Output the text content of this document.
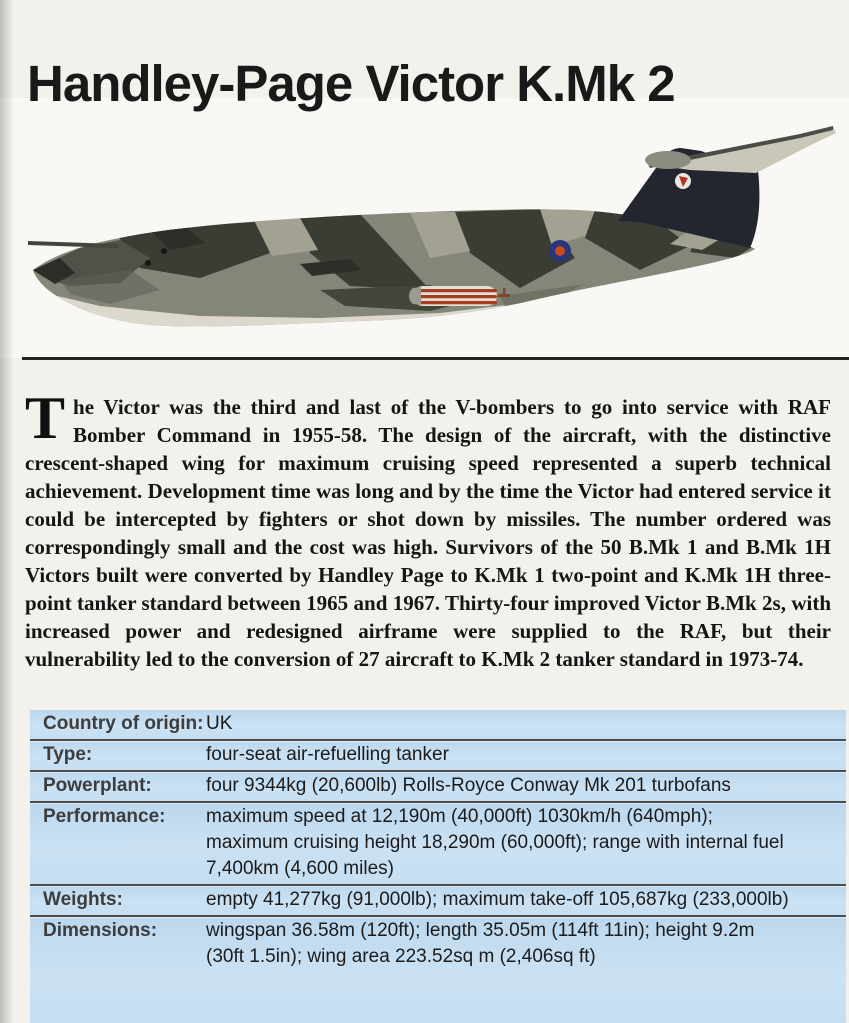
Handley-Page Victor K.Mk 2

The Victor was the third and last of the V-bombers to go into service with RAF Bomber Command in 1955-58. The design of the aircraft, with the distinctive crescent-shaped wing for maximum cruising speed represented a superb technical achievement. Development time was long and by the time the Victor had entered service it could be intercepted by fighters or shot down by missiles. The number ordered was correspondingly small and the cost was high. Survivors of the 50 B.Mk 1 and B.Mk 1H Victors built were converted by Handley Page to K.Mk 1 two-point and K.Mk 1H three-point tanker standard between 1965 and 1967. Thirty-four improved Victor B.Mk 2s, with increased power and redesigned airframe were supplied to the RAF, but their vulnerability led to the conversion of 27 aircraft to K.Mk 2 tanker standard in 1973-74.

Country of origin: UK
Type:	four-seat air-refuelling tanker
Powerplant:	four 9344kg (20,600lb) Rolls-Royce Conway Mk 201 turbofans
Performance:	maximum speed at 12,190m (40,000ft) 1030km/h (640mph); maximum cruising height 18,290m (60,000ft); range with internal fuel 7,400km (4,600 miles)
Weights:	empty 41,277kg (91,000lb); maximum take-off 105,687kg (233,000lb)
Dimensions:	wingspan 36.58m (120ft); length 35.05m (114ft 11in); height 9.2m (30ft 1.5in); wing area 223.52sq m (2,406sq ft)
